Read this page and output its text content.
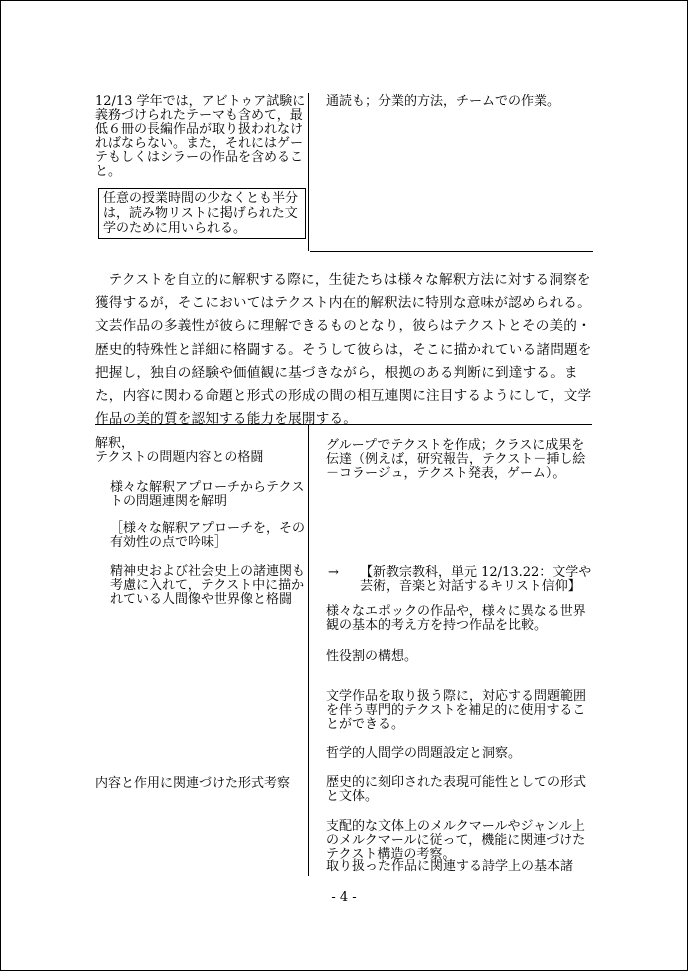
12/13 学年では，アビトゥア試験に義務づけられたテーマも含めて，最低６冊の長編作品が取り扱われなければならない。また，それにはゲーテもしくはシラーの作品を含めること。
任意の授業時間の少なくとも半分は，読み物リストに掲げられた文学のために用いられる。
通読も；分業的方法，チームでの作業。
テクストを自立的に解釈する際に，生徒たちは様々な解釈方法に対する洞察を獲得するが，そこにおいてはテクスト内在的解釈法に特別な意味が認められる。文芸作品の多義性が彼らに理解できるものとなり，彼らはテクストとその美的・歴史的特殊性と詳細に格闘する。そうして彼らは，そこに描かれている諸問題を把握し，独自の経験や価値観に基づきながら，根拠のある判断に到達する。また，内容に関わる命題と形式の形成の間の相互連関に注目するようにして，文学作品の美的質を認知する能力を展開する。
解釈，
テクストの問題内容との格闘
様々な解釈アプローチからテクストの問題連関を解明
［様々な解釈アプローチを，その有効性の点で吟味］
精神史および社会史上の諸連関も考慮に入れて，テクスト中に描かれている人間像や世界像と格闘
内容と作用に関連づけた形式考察
グループでテクストを作成；クラスに成果を伝達（例えば，研究報告，テクスト－挿し絵－コラージュ，テクスト発表，ゲーム）。
→	【新教宗教科，単元 12/13.22：文学や芸術，音楽と対話するキリスト信仰】
様々なエポックの作品や，様々に異なる世界観の基本的考え方を持つ作品を比較。
性役割の構想。
文学作品を取り扱う際に，対応する問題範囲を伴う専門的テクストを補足的に使用することができる。
哲学的人間学の問題設定と洞察。
歴史的に刻印された表現可能性としての形式と文体。
支配的な文体上のメルクマールやジャンル上のメルクマールに従って，機能に関連づけたテクスト構造の考察。
取り扱った作品に関連する詩学上の基本諸
- 4 -
